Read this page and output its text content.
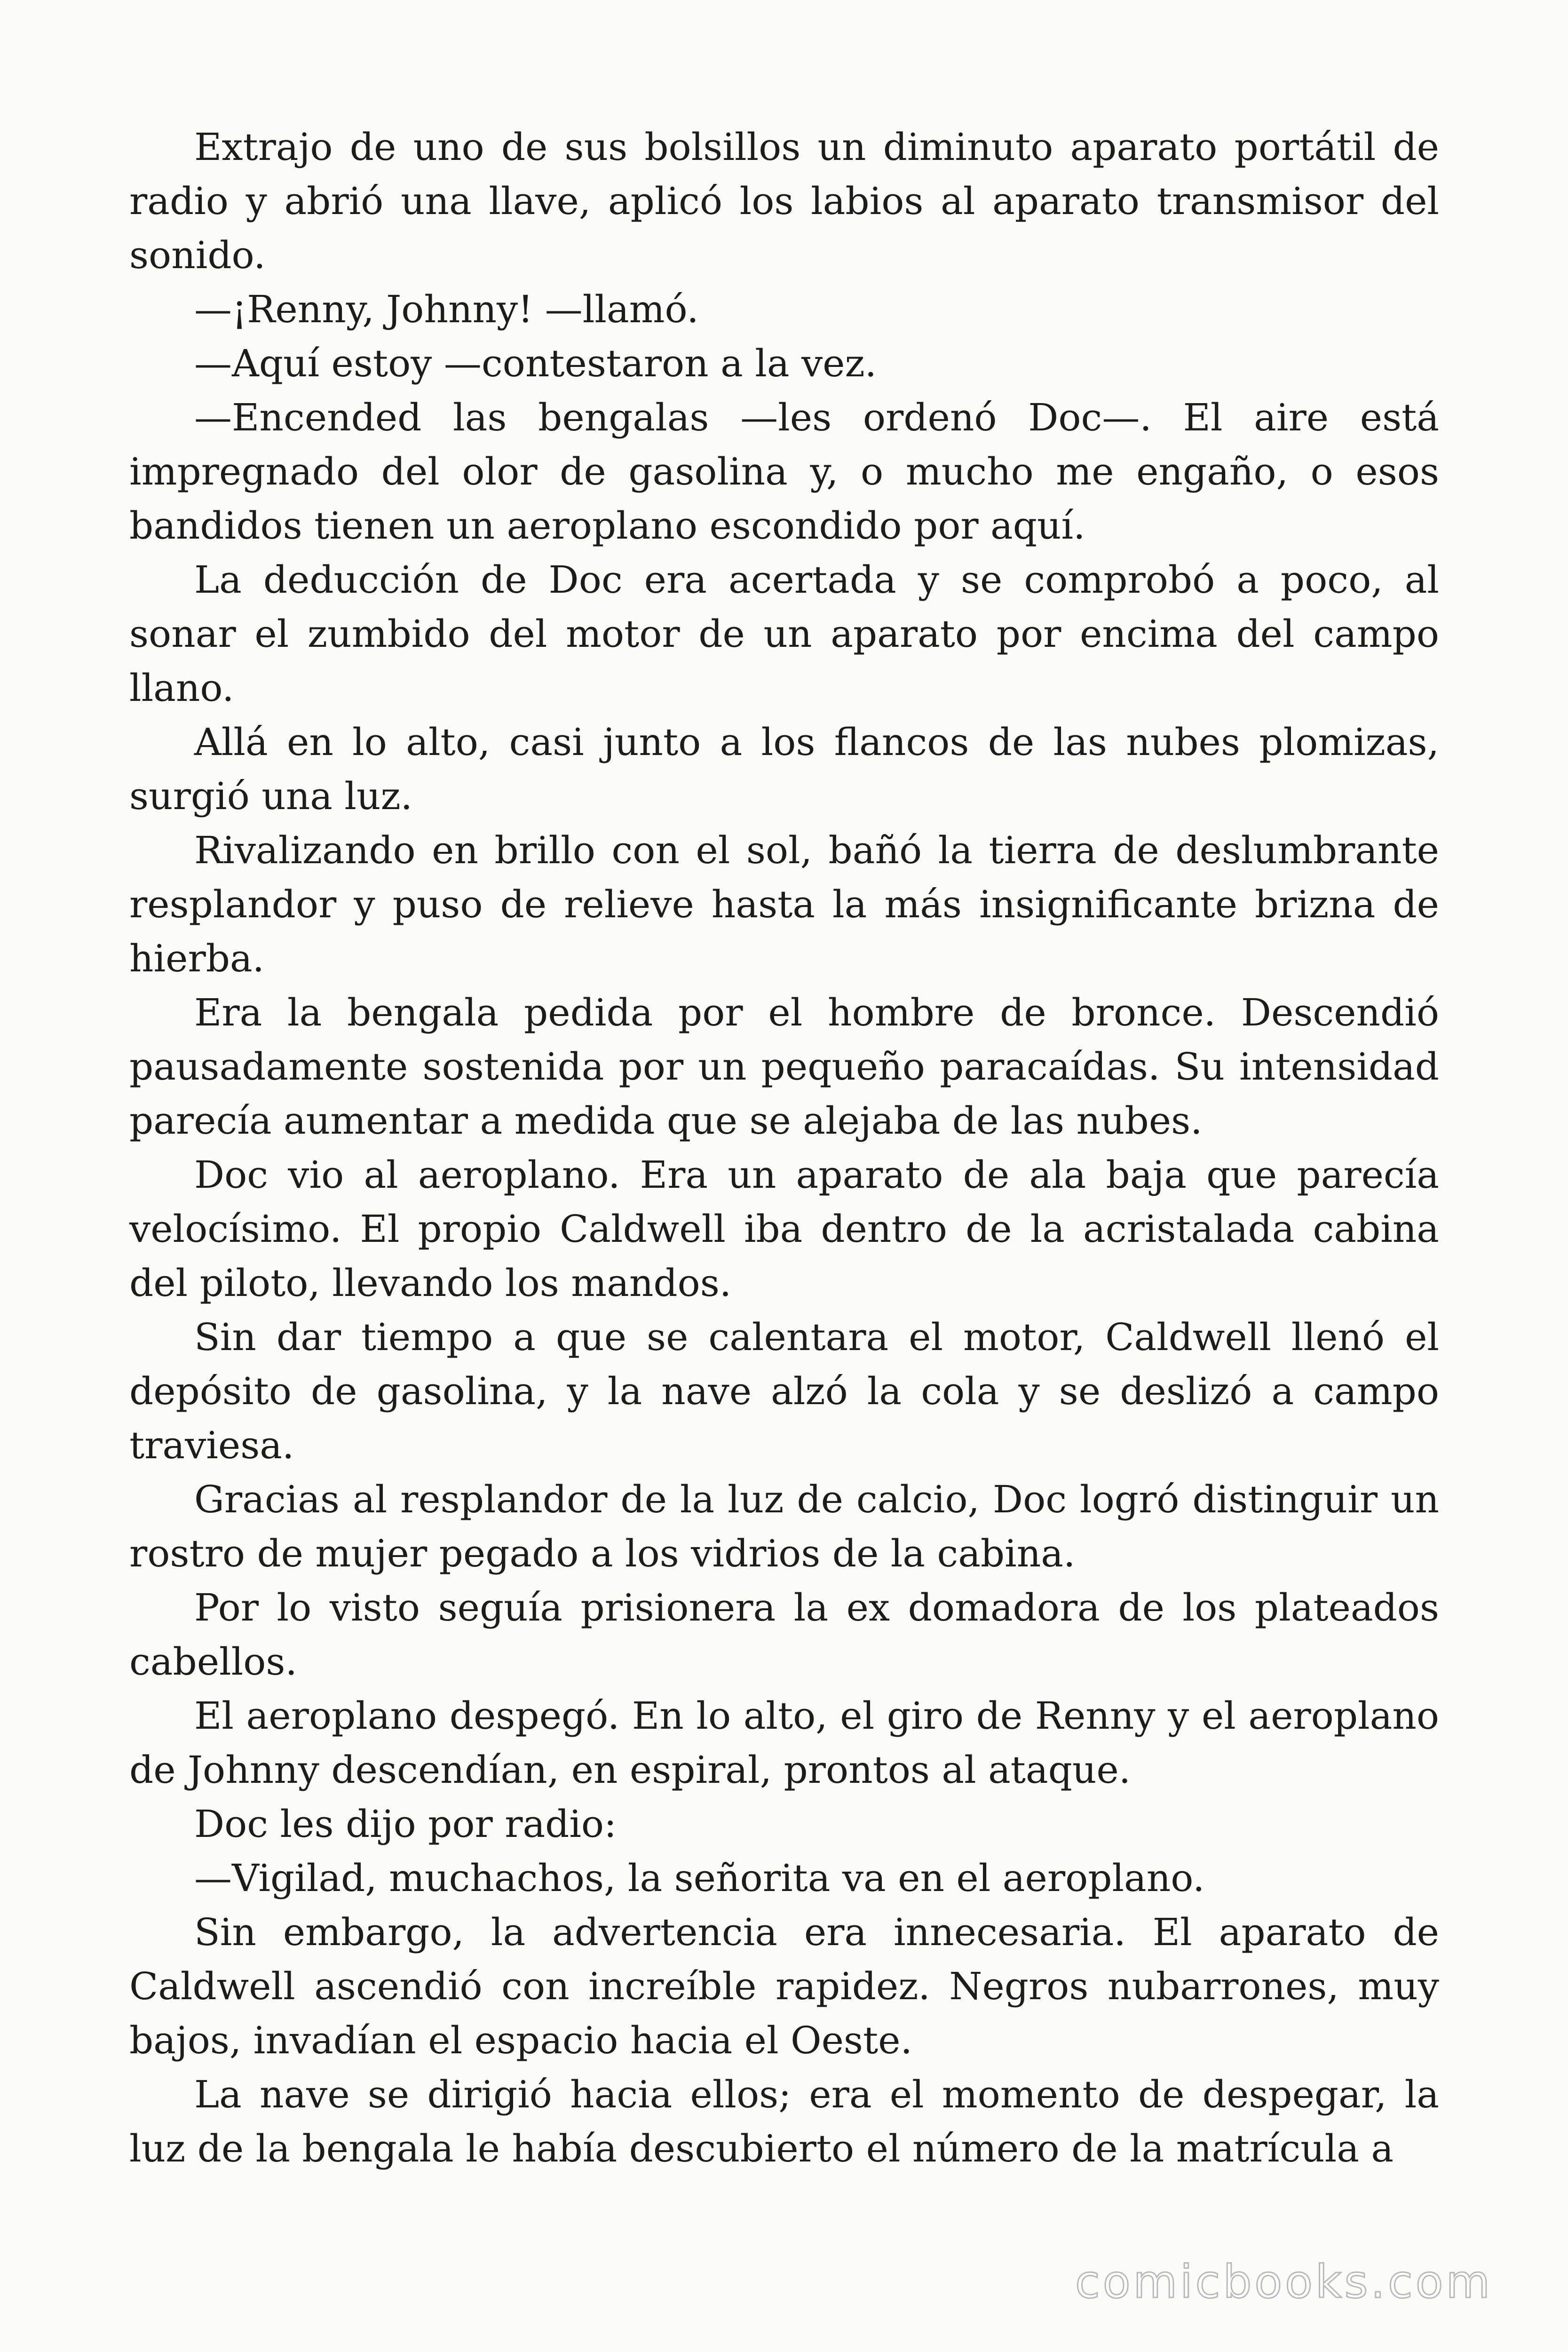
Extrajo de uno de sus bolsillos un diminuto aparato portátil de radio y abrió una llave, aplicó los labios al aparato transmisor del sonido.

—¡Renny, Johnny! —llamó.

—Aquí estoy —contestaron a la vez.

—Encended las bengalas —les ordenó Doc—. El aire está impregnado del olor de gasolina y, o mucho me engaño, o esos bandidos tienen un aeroplano escondido por aquí.

La deducción de Doc era acertada y se comprobó a poco, al sonar el zumbido del motor de un aparato por encima del campo llano.

Allá en lo alto, casi junto a los flancos de las nubes plomizas, surgió una luz.

Rivalizando en brillo con el sol, bañó la tierra de deslumbrante resplandor y puso de relieve hasta la más insignificante brizna de hierba.

Era la bengala pedida por el hombre de bronce. Descendió pausadamente sostenida por un pequeño paracaídas. Su intensidad parecía aumentar a medida que se alejaba de las nubes.

Doc vio al aeroplano. Era un aparato de ala baja que parecía velocísimo. El propio Caldwell iba dentro de la acristalada cabina del piloto, llevando los mandos.

Sin dar tiempo a que se calentara el motor, Caldwell llenó el depósito de gasolina, y la nave alzó la cola y se deslizó a campo traviesa.

Gracias al resplandor de la luz de calcio, Doc logró distinguir un rostro de mujer pegado a los vidrios de la cabina.

Por lo visto seguía prisionera la ex domadora de los plateados cabellos.

El aeroplano despegó. En lo alto, el giro de Renny y el aeroplano de Johnny descendían, en espiral, prontos al ataque.

Doc les dijo por radio:

—Vigilad, muchachos, la señorita va en el aeroplano.

Sin embargo, la advertencia era innecesaria. El aparato de Caldwell ascendió con increíble rapidez. Negros nubarrones, muy bajos, invadían el espacio hacia el Oeste.

La nave se dirigió hacia ellos; era el momento de despegar, la luz de la bengala le había descubierto el número de la matrícula a

comicbooks.com
